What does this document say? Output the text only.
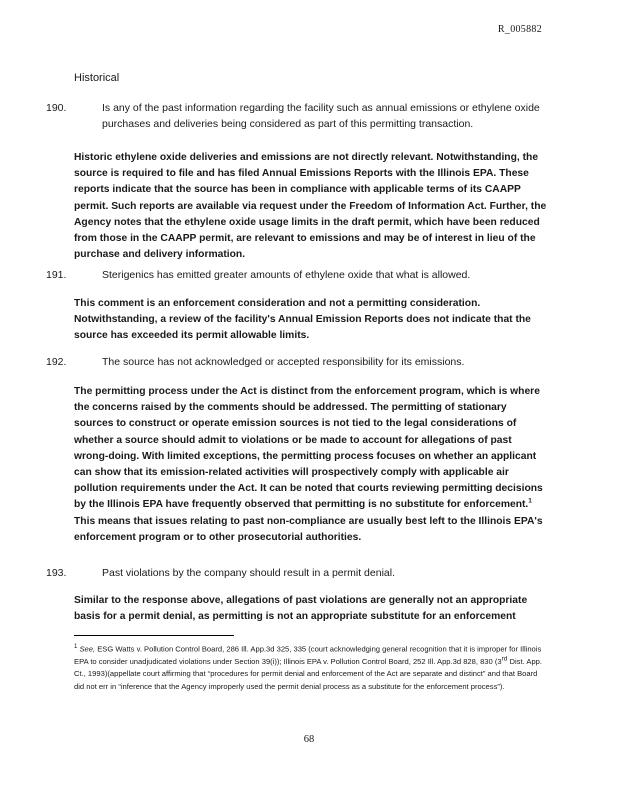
R_005882
Historical
190.	Is any of the past information regarding the facility such as annual emissions or ethylene oxide purchases and deliveries being considered as part of this permitting transaction.
Historic ethylene oxide deliveries and emissions are not directly relevant. Notwithstanding, the source is required to file and has filed Annual Emissions Reports with the Illinois EPA. These reports indicate that the source has been in compliance with applicable terms of its CAAPP permit. Such reports are available via request under the Freedom of Information Act. Further, the Agency notes that the ethylene oxide usage limits in the draft permit, which have been reduced from those in the CAAPP permit, are relevant to emissions and may be of interest in lieu of the purchase and delivery information.
191.	Sterigenics has emitted greater amounts of ethylene oxide that what is allowed.
This comment is an enforcement consideration and not a permitting consideration. Notwithstanding, a review of the facility's Annual Emission Reports does not indicate that the source has exceeded its permit allowable limits.
192.	The source has not acknowledged or accepted responsibility for its emissions.
The permitting process under the Act is distinct from the enforcement program, which is where the concerns raised by the comments should be addressed. The permitting of stationary sources to construct or operate emission sources is not tied to the legal considerations of whether a source should admit to violations or be made to account for allegations of past wrong-doing. With limited exceptions, the permitting process focuses on whether an applicant can show that its emission-related activities will prospectively comply with applicable air pollution requirements under the Act. It can be noted that courts reviewing permitting decisions by the Illinois EPA have frequently observed that permitting is no substitute for enforcement.$^1$ This means that issues relating to past non-compliance are usually best left to the Illinois EPA's enforcement program or to other prosecutorial authorities.
193.	Past violations by the company should result in a permit denial.
Similar to the response above, allegations of past violations are generally not an appropriate basis for a permit denial, as permitting is not an appropriate substitute for an enforcement
$^1$ See, ESG Watts v. Pollution Control Board, 286 Ill. App.3d 325, 335 (court acknowledging general recognition that it is improper for Illinois EPA to consider unadjudicated violations under Section 39(i)); Illinois EPA v. Pollution Control Board, 252 Ill. App.3d 828, 830 (3rd Dist. App. Ct., 1993)(appellate court affirming that “procedures for permit denial and enforcement of the Act are separate and distinct” and that Board did not err in “inference that the Agency improperly used the permit denial process as a substitute for the enforcement process”).
68
